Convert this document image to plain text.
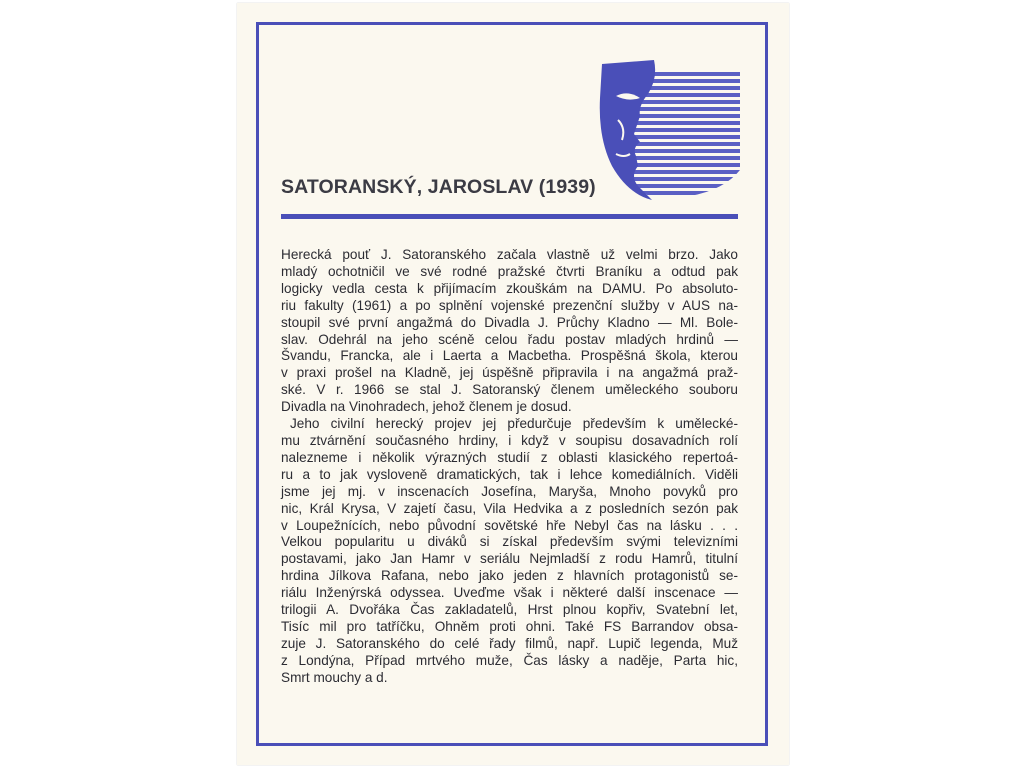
SATORANSKÝ, JAROSLAV (1939)
Herecká pouť J. Satoranského začala vlastně už velmi brzo. Jako
mladý ochotničil ve své rodné pražské čtvrti Braníku a odtud pak
logicky vedla cesta k přijímacím zkouškám na DAMU. Po absoluto-
riu fakulty (1961) a po splnění vojenské prezenční služby v AUS na-
stoupil své první angažmá do Divadla J. Průchy Kladno — Ml. Bole-
slav. Odehrál na jeho scéně celou řadu postav mladých hrdinů —
Švandu, Francka, ale i Laerta a Macbetha. Prospěšná škola, kterou
v praxi prošel na Kladně, jej úspěšně připravila i na angažmá praž-
ské. V r. 1966 se stal J. Satoranský členem uměleckého souboru
Divadla na Vinohradech, jehož členem je dosud.
Jeho civilní herecký projev jej předurčuje především k umělecké-
mu ztvárnění současného hrdiny, i když v soupisu dosavadních rolí
nalezneme i několik výrazných studií z oblasti klasického repertoá-
ru a to jak vysloveně dramatických, tak i lehce komediálních. Viděli
jsme jej mj. v inscenacích Josefína, Maryša, Mnoho povyků pro
nic, Král Krysa, V zajetí času, Vila Hedvika a z posledních sezón pak
v Loupežnících, nebo původní sovětské hře Nebyl čas na lásku . . .
Velkou popularitu u diváků si získal především svými televizními
postavami, jako Jan Hamr v seriálu Nejmladší z rodu Hamrů, titulní
hrdina Jílkova Rafana, nebo jako jeden z hlavních protagonistů se-
riálu Inženýrská odyssea. Uveďme však i některé další inscenace —
trilogii A. Dvořáka Čas zakladatelů, Hrst plnou kopřiv, Svatební let,
Tisíc mil pro tatříčku, Ohněm proti ohni. Také FS Barrandov obsa-
zuje J. Satoranského do celé řady filmů, např. Lupič legenda, Muž
z Londýna, Případ mrtvého muže, Čas lásky a naděje, Parta hic,
Smrt mouchy a d.
